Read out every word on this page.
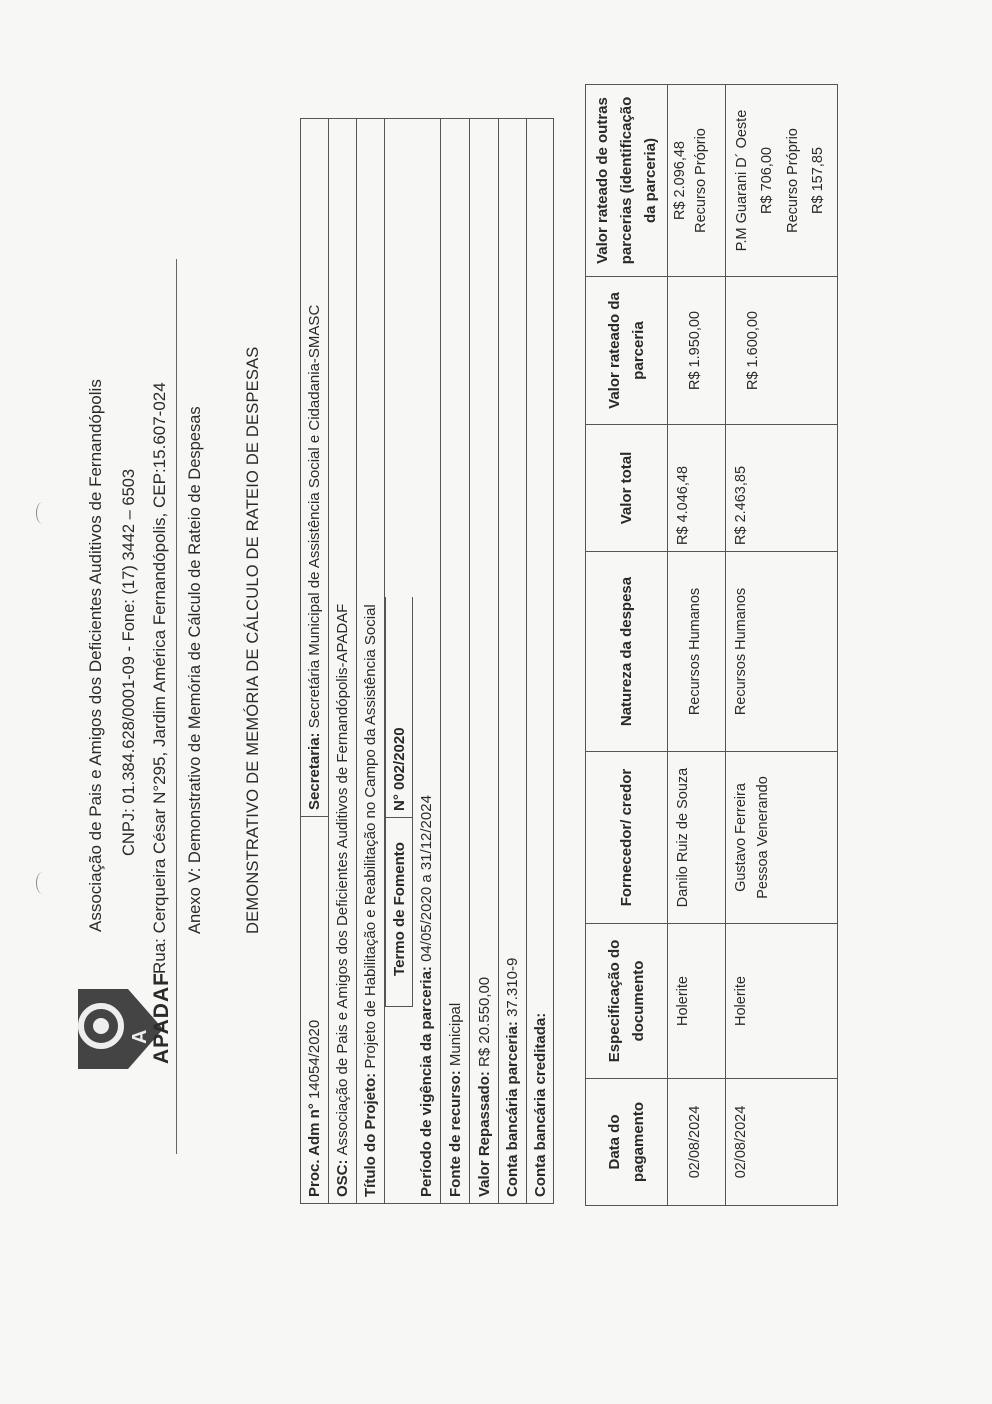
A APADAF
Associação de Pais e Amigos dos Deficientes Auditivos de Fernandópolis CNPJ: 01.384.628/0001-09 - Fone: (17) 3442 – 6503 Rua: Cerqueira César N°295, Jardim América Fernandópolis, CEP:15.607-024 Anexo V: Demonstrativo de Memória de Cálculo de Rateio de Despesas DEMONSTRATIVO DE MEMÓRIA DE CÁLCULO DE RATEIO DE DESPESAS
Proc. Adm n°

14054/2020
Secretaria:

Secretária Municipal de Assistência Social e Cidadania-SMASC
OSC:

Associação de Pais e Amigos dos Deficientes Auditivos de Fernandópolis-APADAF Título do Projeto:

Projeto de Habilitação e Reabilitação no Campo da Assistência Social Termo de Fomento
N° 002/2020
Período de vigência da parceria:

04/05/2020 a 31/12/2024
Fonte de recurso:

Municipal
Valor Repassado:

R$ 20.550,00 Conta bancária parceria:

37.310-9
Conta bancária creditada:	Data do pagamento
Especificação do documento
Fornecedor/ credor
Natureza da despesa
Valor total
Valor rateado da parceria
Valor rateado de outras parcerias (identificação da parceria)
02/08/2024
Holerite
Danilo Ruiz de Souza
Recursos Humanos
R$ 4.046,48
R$ 1.950,00
R$ 2.096,48 Recurso Próprio
02/08/2024
Holerite
Gustavo Ferreira Pessoa Venerando
Recursos Humanos
R$ 2.463,85
R$ 1.600,00
P.M Guarani D´ Oeste R$ 706,00 Recurso Próprio R$ 157,85
